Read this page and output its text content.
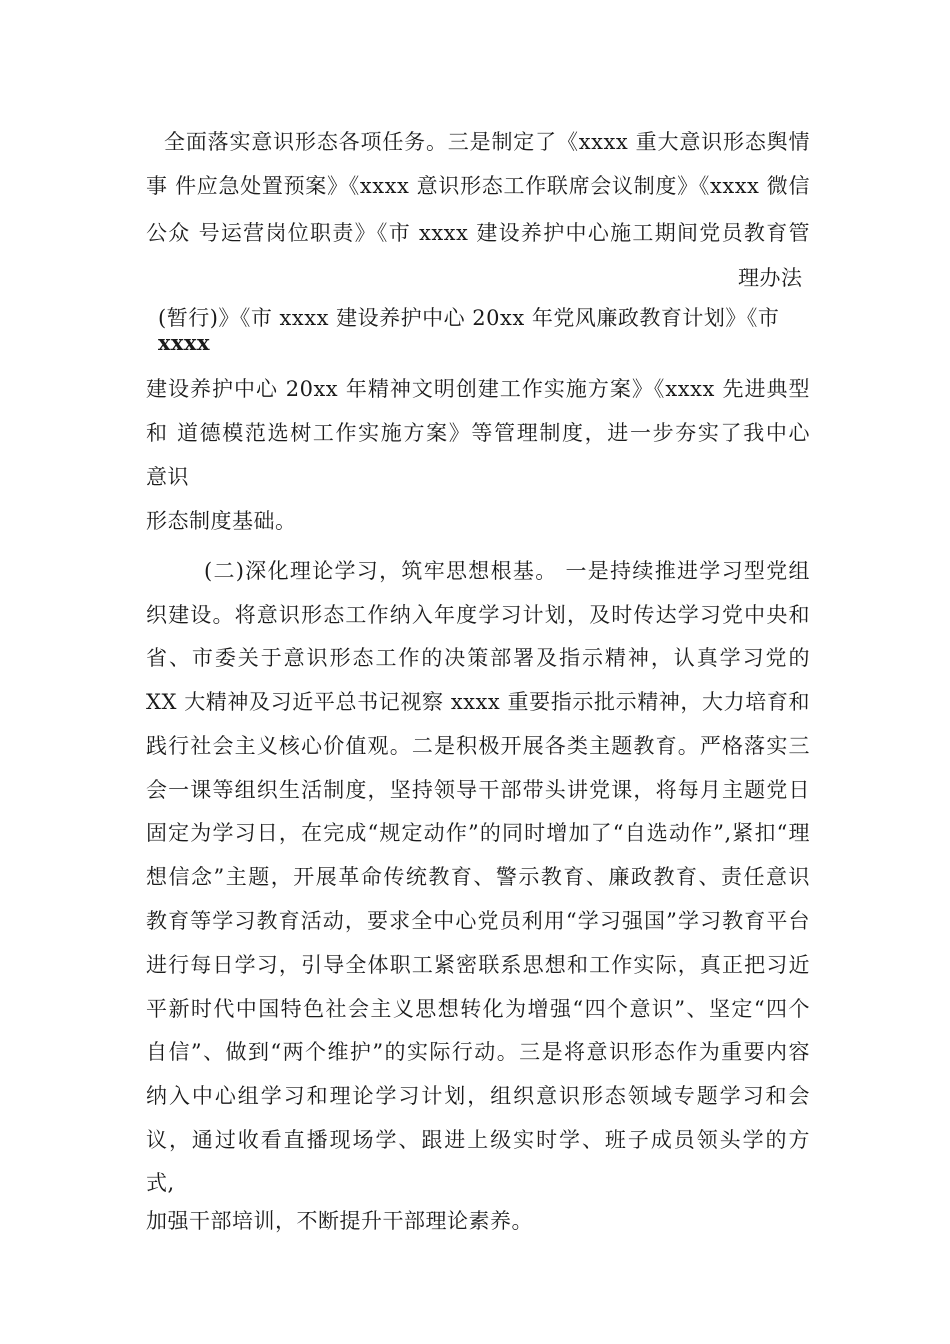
全面落实意识形态各项任务。三是制定了《xxxx 重大意识形态舆情
事 件应急处置预案》《xxxx 意识形态工作联席会议制度》《xxxx 微信
公众 号运营岗位职责》《市 xxxx 建设养护中心施工期间党员教育管
理办法
(暂行)》《市 xxxx 建设养护中心 20xx 年党风廉政教育计划》《市
xxxx
建设养护中心 20xx 年精神文明创建工作实施方案》《xxxx 先进典型
和 道德模范选树工作实施方案》等管理制度，进一步夯实了我中心
意识
形态制度基础。
(二)深化理论学习，筑牢思想根基。 一是持续推进学习型党组
织建设。将意识形态工作纳入年度学习计划，及时传达学习党中央和
省、市委关于意识形态工作的决策部署及指示精神，认真学习党的
XX 大精神及习近平总书记视察 xxxx 重要指示批示精神，大力培育和
践行社会主义核心价值观。二是积极开展各类主题教育。严格落实三
会一课等组织生活制度，坚持领导干部带头讲党课，将每月主题党日
固定为学习日，在完成“规定动作”的同时增加了“自选动作”,紧扣“理
想信念”主题，开展革命传统教育、警示教育、廉政教育、责任意识
教育等学习教育活动，要求全中心党员利用“学习强国”学习教育平台
进行每日学习，引导全体职工紧密联系思想和工作实际，真正把习近
平新时代中国特色社会主义思想转化为增强“四个意识”、坚定“四个
自信”、做到“两个维护”的实际行动。三是将意识形态作为重要内容
纳入中心组学习和理论学习计划，组织意识形态领域专题学习和会
议，通过收看直播现场学、跟进上级实时学、班子成员领头学的方
式,
加强干部培训，不断提升干部理论素养。
